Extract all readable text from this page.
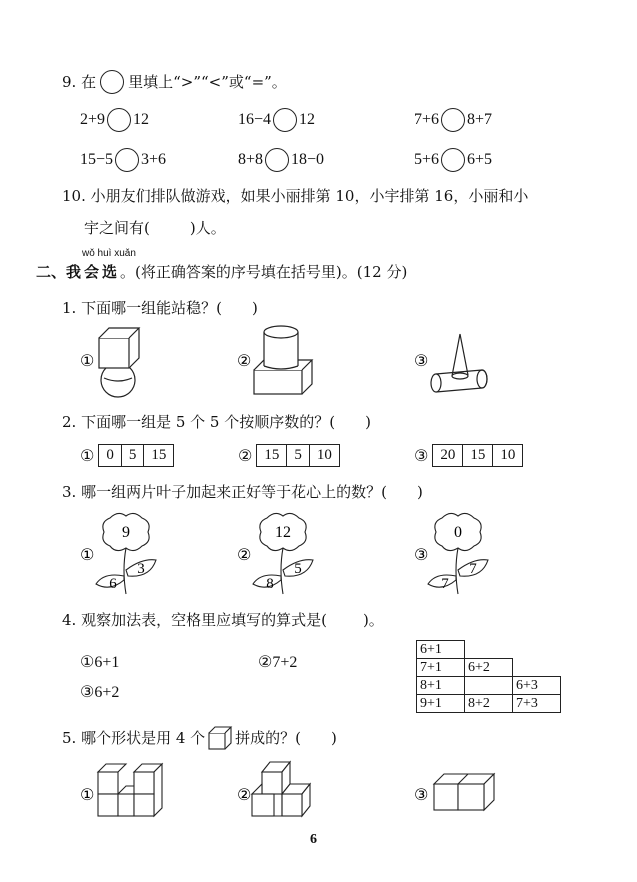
9. 在 里填上“>”“<”或“=”。
2+9 12	16−4 12	7+6 8+7
15−5 3+6	8+8 18−0	5+6 6+5
10. 小朋友们排队做游戏，如果小丽排第 10，小宇排第 16，小丽和小
宇之间有(	)人。
wǒ huì xuǎn
二、我会选。(将正确答案的序号填在括号里)。(12 分)
1. 下面哪一组能站稳？( )
①	②	③
2. 下面哪一组是 5 个 5 个按顺序数的？( )
① 0	5	15	② 15	5	10	③ 20	15	10
3. 哪一组两片叶子加起来正好等于花心上的数？( )
①
9
6
3
②
12
8
5
③
0
7
7
4. 观察加法表，空格里应填写的算式是( )。
①6+1	②7+2
③6+2
6+1		
7+1	6+2	
8+1		6+3
9+1	8+2	7+3
5. 哪个形状是用 4 个 拼成的？( )
①	②	③
6
